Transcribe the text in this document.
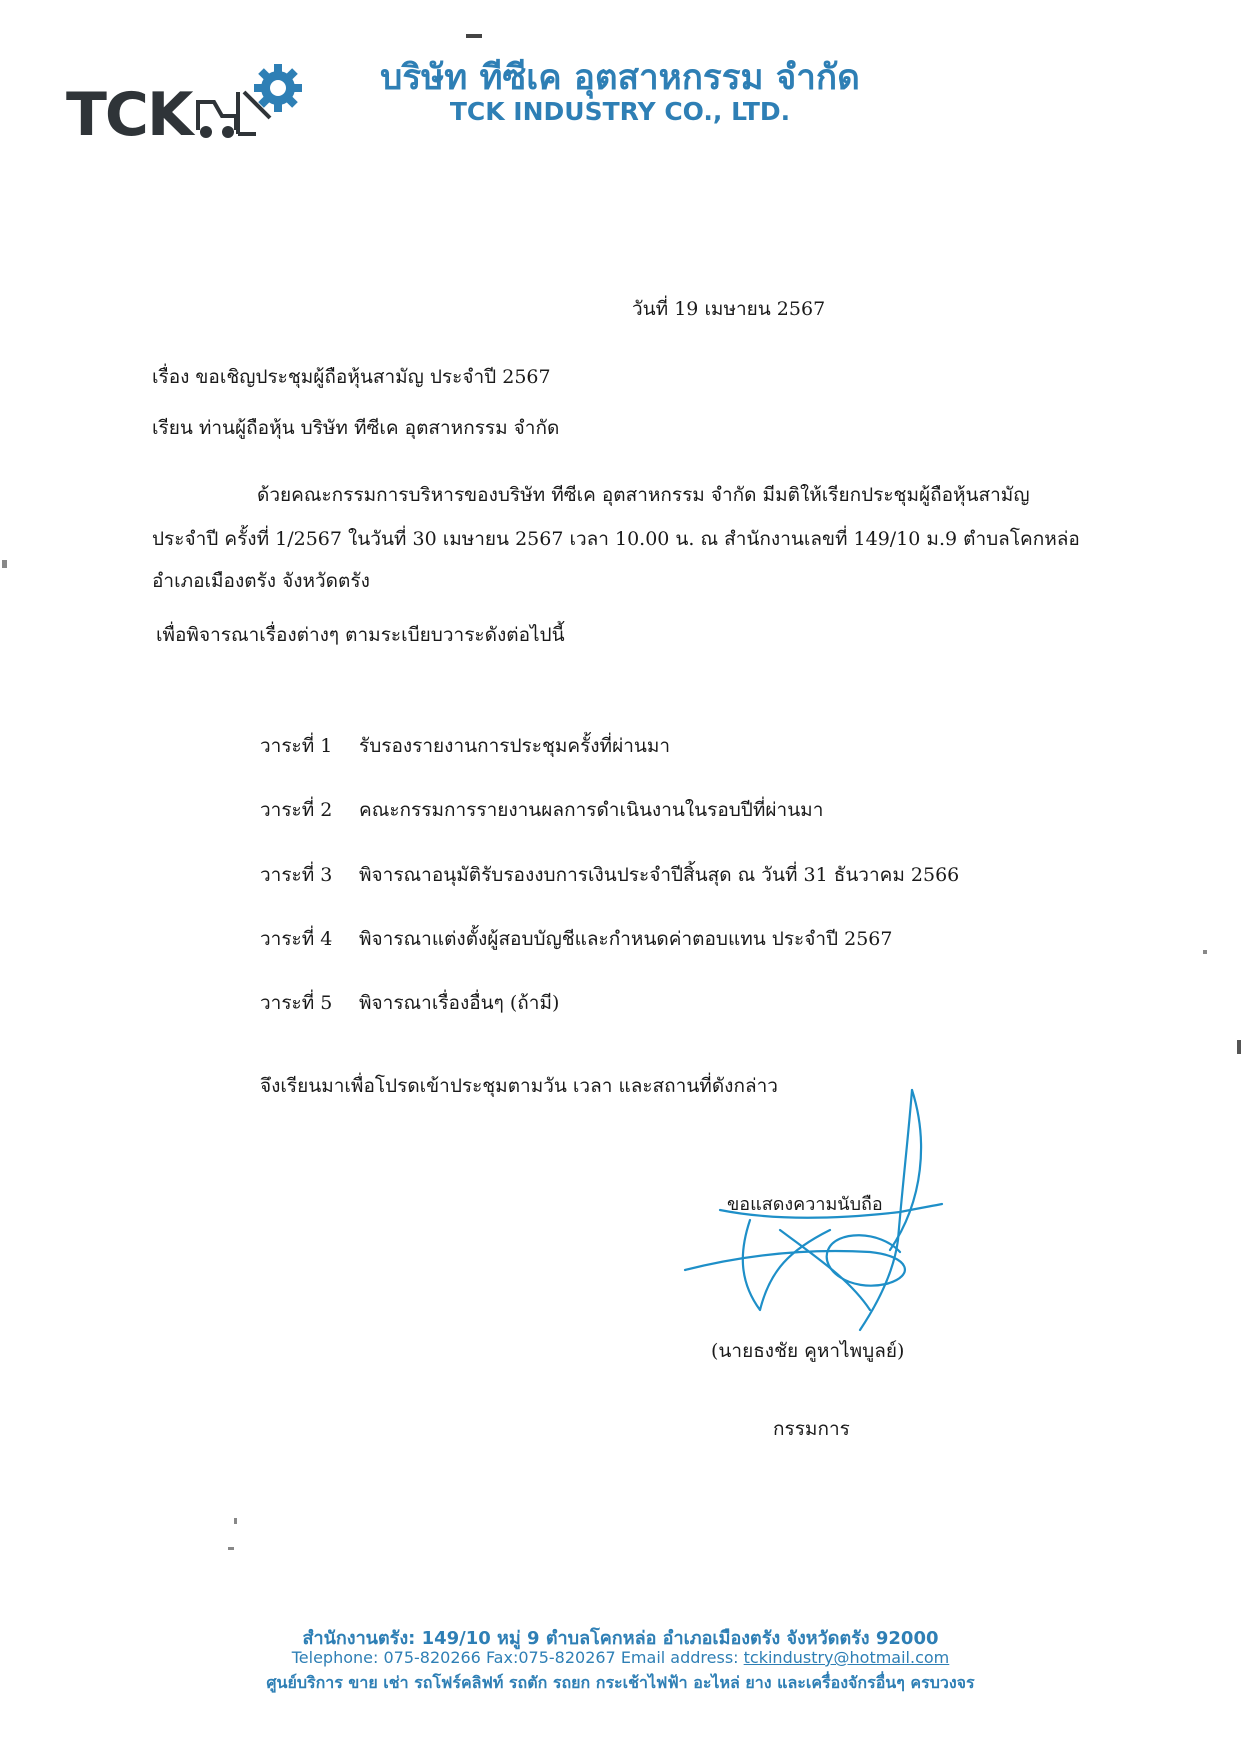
TCK
บริษัท ทีซีเค อุตสาหกรรม จำกัด
TCK INDUSTRY CO., LTD.
วันที่ 19 เมษายน 2567
เรื่อง ขอเชิญประชุมผู้ถือหุ้นสามัญ ประจำปี 2567
เรียน ท่านผู้ถือหุ้น บริษัท ทีซีเค อุตสาหกรรม จำกัด
ด้วยคณะกรรมการบริหารของบริษัท ทีซีเค อุตสาหกรรม จำกัด มีมติให้เรียกประชุมผู้ถือหุ้นสามัญ
ประจำปี ครั้งที่ 1/2567 ในวันที่ 30 เมษายน 2567 เวลา 10.00 น. ณ สำนักงานเลขที่ 149/10 ม.9 ตำบลโคกหล่อ
อำเภอเมืองตรัง จังหวัดตรัง
เพื่อพิจารณาเรื่องต่างๆ ตามระเบียบวาระดังต่อไปนี้
วาระที่ 1 รับรองรายงานการประชุมครั้งที่ผ่านมา
วาระที่ 2 คณะกรรมการรายงานผลการดำเนินงานในรอบปีที่ผ่านมา
วาระที่ 3 พิจารณาอนุมัติรับรองงบการเงินประจำปีสิ้นสุด ณ วันที่ 31 ธันวาคม 2566
วาระที่ 4 พิจารณาแต่งตั้งผู้สอบบัญชีและกำหนดค่าตอบแทน ประจำปี 2567
วาระที่ 5 พิจารณาเรื่องอื่นๆ (ถ้ามี)
จึงเรียนมาเพื่อโปรดเข้าประชุมตามวัน เวลา และสถานที่ดังกล่าว
ขอแสดงความนับถือ
(นายธงชัย คูหาไพบูลย์)
กรรมการ
สำนักงานตรัง: 149/10 หมู่ 9 ตำบลโคกหล่อ อำเภอเมืองตรัง จังหวัดตรัง 92000
Telephone: 075-820266 Fax:075-820267 Email address: tckindustry@hotmail.com
ศูนย์บริการ ขาย เช่า รถโฟร์คลิฟท์ รถตัก รถยก กระเช้าไฟฟ้า อะไหล่ ยาง และเครื่องจักรอื่นๆ ครบวงจร
